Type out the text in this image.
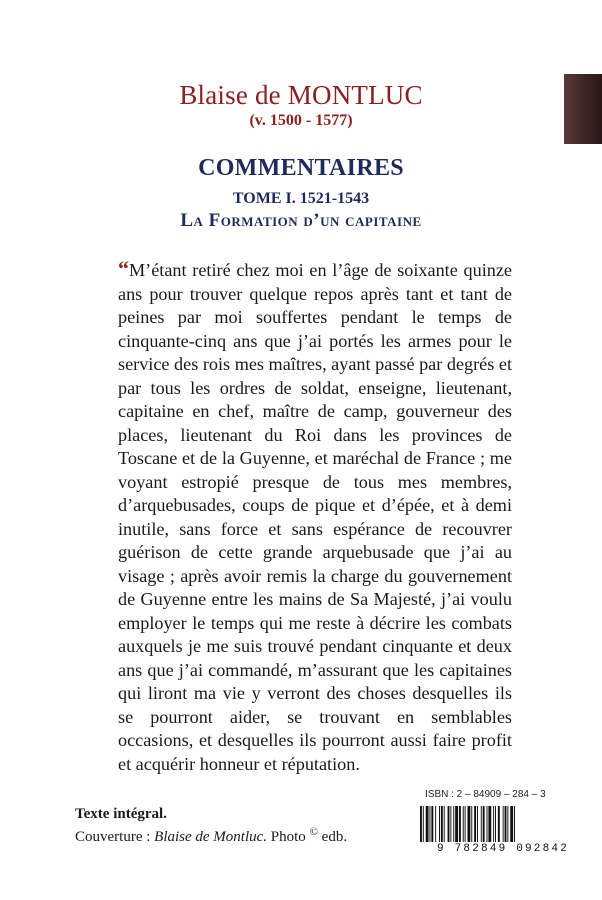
Blaise de MONTLUC
(v. 1500 - 1577)
COMMENTAIRES
TOME I. 1521-1543
La Formation d’un capitaine

“M’étant retiré chez moi en l’âge de soixante quinze ans pour trouver quelque repos après tant et tant de peines par moi souffertes pendant le temps de cinquante-cinq ans que j’ai portés les armes pour le service des rois mes maîtres, ayant passé par degrés et par tous les ordres de soldat, enseigne, lieutenant, capitaine en chef, maître de camp, gouverneur des places, lieutenant du Roi dans les provinces de Toscane et de la Guyenne, et maréchal de France ; me voyant estropié presque de tous mes membres, d’arquebusades, coups de pique et d’épée, et à demi inutile, sans force et sans espérance de recouvrer guérison de cette grande arquebusade que j’ai au visage ; après avoir remis la charge du gouvernement de Guyenne entre les mains de Sa Majesté, j’ai voulu employer le temps qui me reste à décrire les combats auxquels je me suis trouvé pendant cinquante et deux ans que j’ai commandé, m’assurant que les capitaines qui liront ma vie y verront des choses desquelles ils se pourront aider, se trouvant en semblables occasions, et desquelles ils pourront aussi faire profit et acquérir honneur et réputation.

ISBN : 2 – 84909 – 284 – 3
9 782849 092842
Texte intégral.
Couverture : Blaise de Montluc. Photo © edb.
